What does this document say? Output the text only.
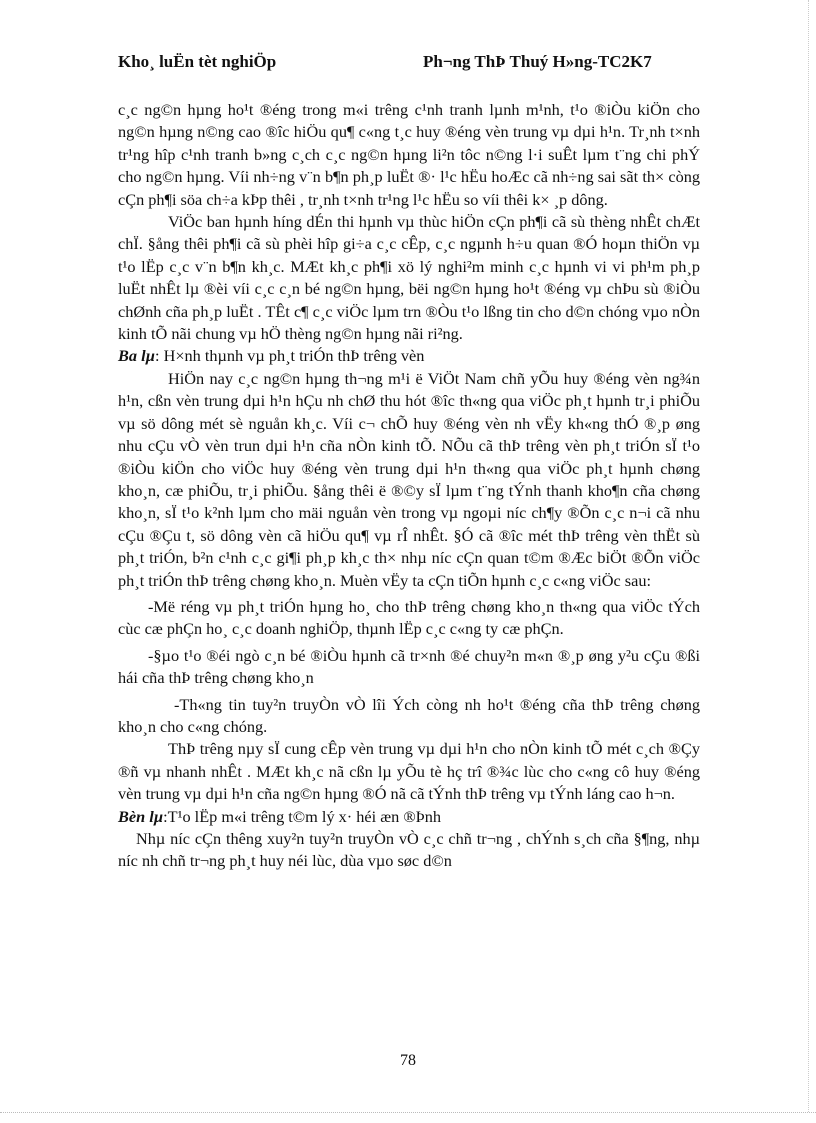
Kho¸ luËn tèt nghiÖp	Ph¬ng ThÞ Thuý H»ng-TC2K7

c¸c ng©n hµng ho¹t ®éng trong m«i trêng c¹nh tranh lµnh m¹nh, t¹o ®iÒu kiÖn cho ng©n hµng n©ng cao ®îc hiÖu qu¶ c«ng t¸c huy ®éng vèn trung vµ dµi h¹n. Tr¸nh t×nh tr¹ng hîp c¹nh tranh b»ng c¸ch c¸c ng©n hµng li²n tôc n©ng l·i suÊt lµm t¨ng chi phÝ cho ng©n hµng. Víi nh÷ng v¨n b¶n ph¸p luËt ®· l¹c hËu hoÆc cã nh÷ng sai sãt th× còng cÇn ph¶i söa ch÷a kÞp thêi , tr¸nh t×nh tr¹ng l¹c hËu so víi thêi k× ¸p dông.

ViÖc ban hµnh híng dÉn thi hµnh vµ thùc hiÖn cÇn ph¶i cã sù thèng nhÊt chÆt chÏ. §ång thêi ph¶i cã sù phèi hîp gi÷a c¸c cÊp, c¸c ngµnh h÷u quan ®Ó hoµn thiÖn vµ t¹o lËp c¸c v¨n b¶n kh¸c. MÆt kh¸c ph¶i xö lý nghi²m minh c¸c hµnh vi vi ph¹m ph¸p luËt nhÊt lµ ®èi víi c¸c c¸n bé ng©n hµng, bëi ng©n hµng ho¹t ®éng vµ chÞu sù ®iÒu chØnh cña ph¸p luËt . TÊt c¶ c¸c viÖc lµm trn ®Òu t¹o lßng tin cho d©n chóng vµo nÒn kinh tÕ nãi chung vµ hÖ thèng ng©n hµng nãi ri²ng.

Ba lµ: H×nh thµnh vµ ph¸t triÓn thÞ trêng vèn

HiÖn nay c¸c ng©n hµng th¬ng m¹i ë ViÖt Nam chñ yÕu huy ®éng vèn ng¾n h¹n, cßn vèn trung dµi h¹n hÇu nh chØ thu hót ®îc th«ng qua viÖc ph¸t hµnh tr¸i phiÕu vµ sö dông mét sè nguån kh¸c. Víi c¬ chÕ huy ®éng vèn nh vËy kh«ng thÓ ®¸p øng nhu cÇu vÒ vèn trun dµi h¹n cña nÒn kinh tÕ. NÕu cã thÞ trêng vèn ph¸t triÓn sÏ t¹o ®iÒu kiÖn cho viÖc huy ®éng vèn trung dµi h¹n th«ng qua viÖc ph¸t hµnh chøng kho¸n, cæ phiÕu, tr¸i phiÕu. §ång thêi ë ®©y sÏ lµm t¨ng tÝnh thanh kho¶n cña chøng kho¸n, sÏ t¹o k²nh lµm cho mäi nguån vèn trong vµ ngoµi níc ch¶y ®Õn c¸c n¬i cã nhu cÇu ®Çu t, sö dông vèn cã hiÖu qu¶ vµ rÎ nhÊt. §Ó cã ®îc mét thÞ trêng vèn thËt sù ph¸t triÓn, b²n c¹nh c¸c gi¶i ph¸p kh¸c th× nhµ níc cÇn quan t©m ®Æc biÖt ®Õn viÖc ph¸t triÓn thÞ trêng chøng kho¸n. Muèn vËy ta cÇn tiÕn hµnh c¸c c«ng viÖc sau:

-Më réng vµ ph¸t triÓn hµng ho¸ cho thÞ trêng chøng kho¸n th«ng qua viÖc tÝch cùc cæ phÇn ho¸ c¸c doanh nghiÖp, thµnh lËp c¸c c«ng ty cæ phÇn.

-§µo t¹o ®éi ngò c¸n bé ®iÒu hµnh cã tr×nh ®é chuy²n m«n ®¸p øng y²u cÇu ®ßi hái cña thÞ trêng chøng kho¸n

-Th«ng tin tuy²n truyÒn vÒ lîi Ých còng nh ho¹t ®éng cña thÞ trêng chøng kho¸n cho c«ng chóng.

ThÞ trêng nµy sÏ cung cÊp vèn trung vµ dµi h¹n cho nÒn kinh tÕ mét c¸ch ®Çy ®ñ vµ nhanh nhÊt . MÆt kh¸c nã cßn lµ yÕu tè hç trî ®¾c lùc cho c«ng cô huy ®éng vèn trung vµ dµi h¹n cña ng©n hµng ®Ó nã cã tÝnh thÞ trêng vµ tÝnh láng cao h¬n.

Bèn lµ:T¹o lËp m«i trêng t©m lý x· héi æn ®Þnh

Nhµ níc cÇn thêng xuy²n tuy²n truyÒn vÒ c¸c chñ tr¬ng , chÝnh s¸ch cña §¶ng, nhµ níc nh chñ tr¬ng ph¸t huy néi lùc, dùa vµo søc d©n

78
